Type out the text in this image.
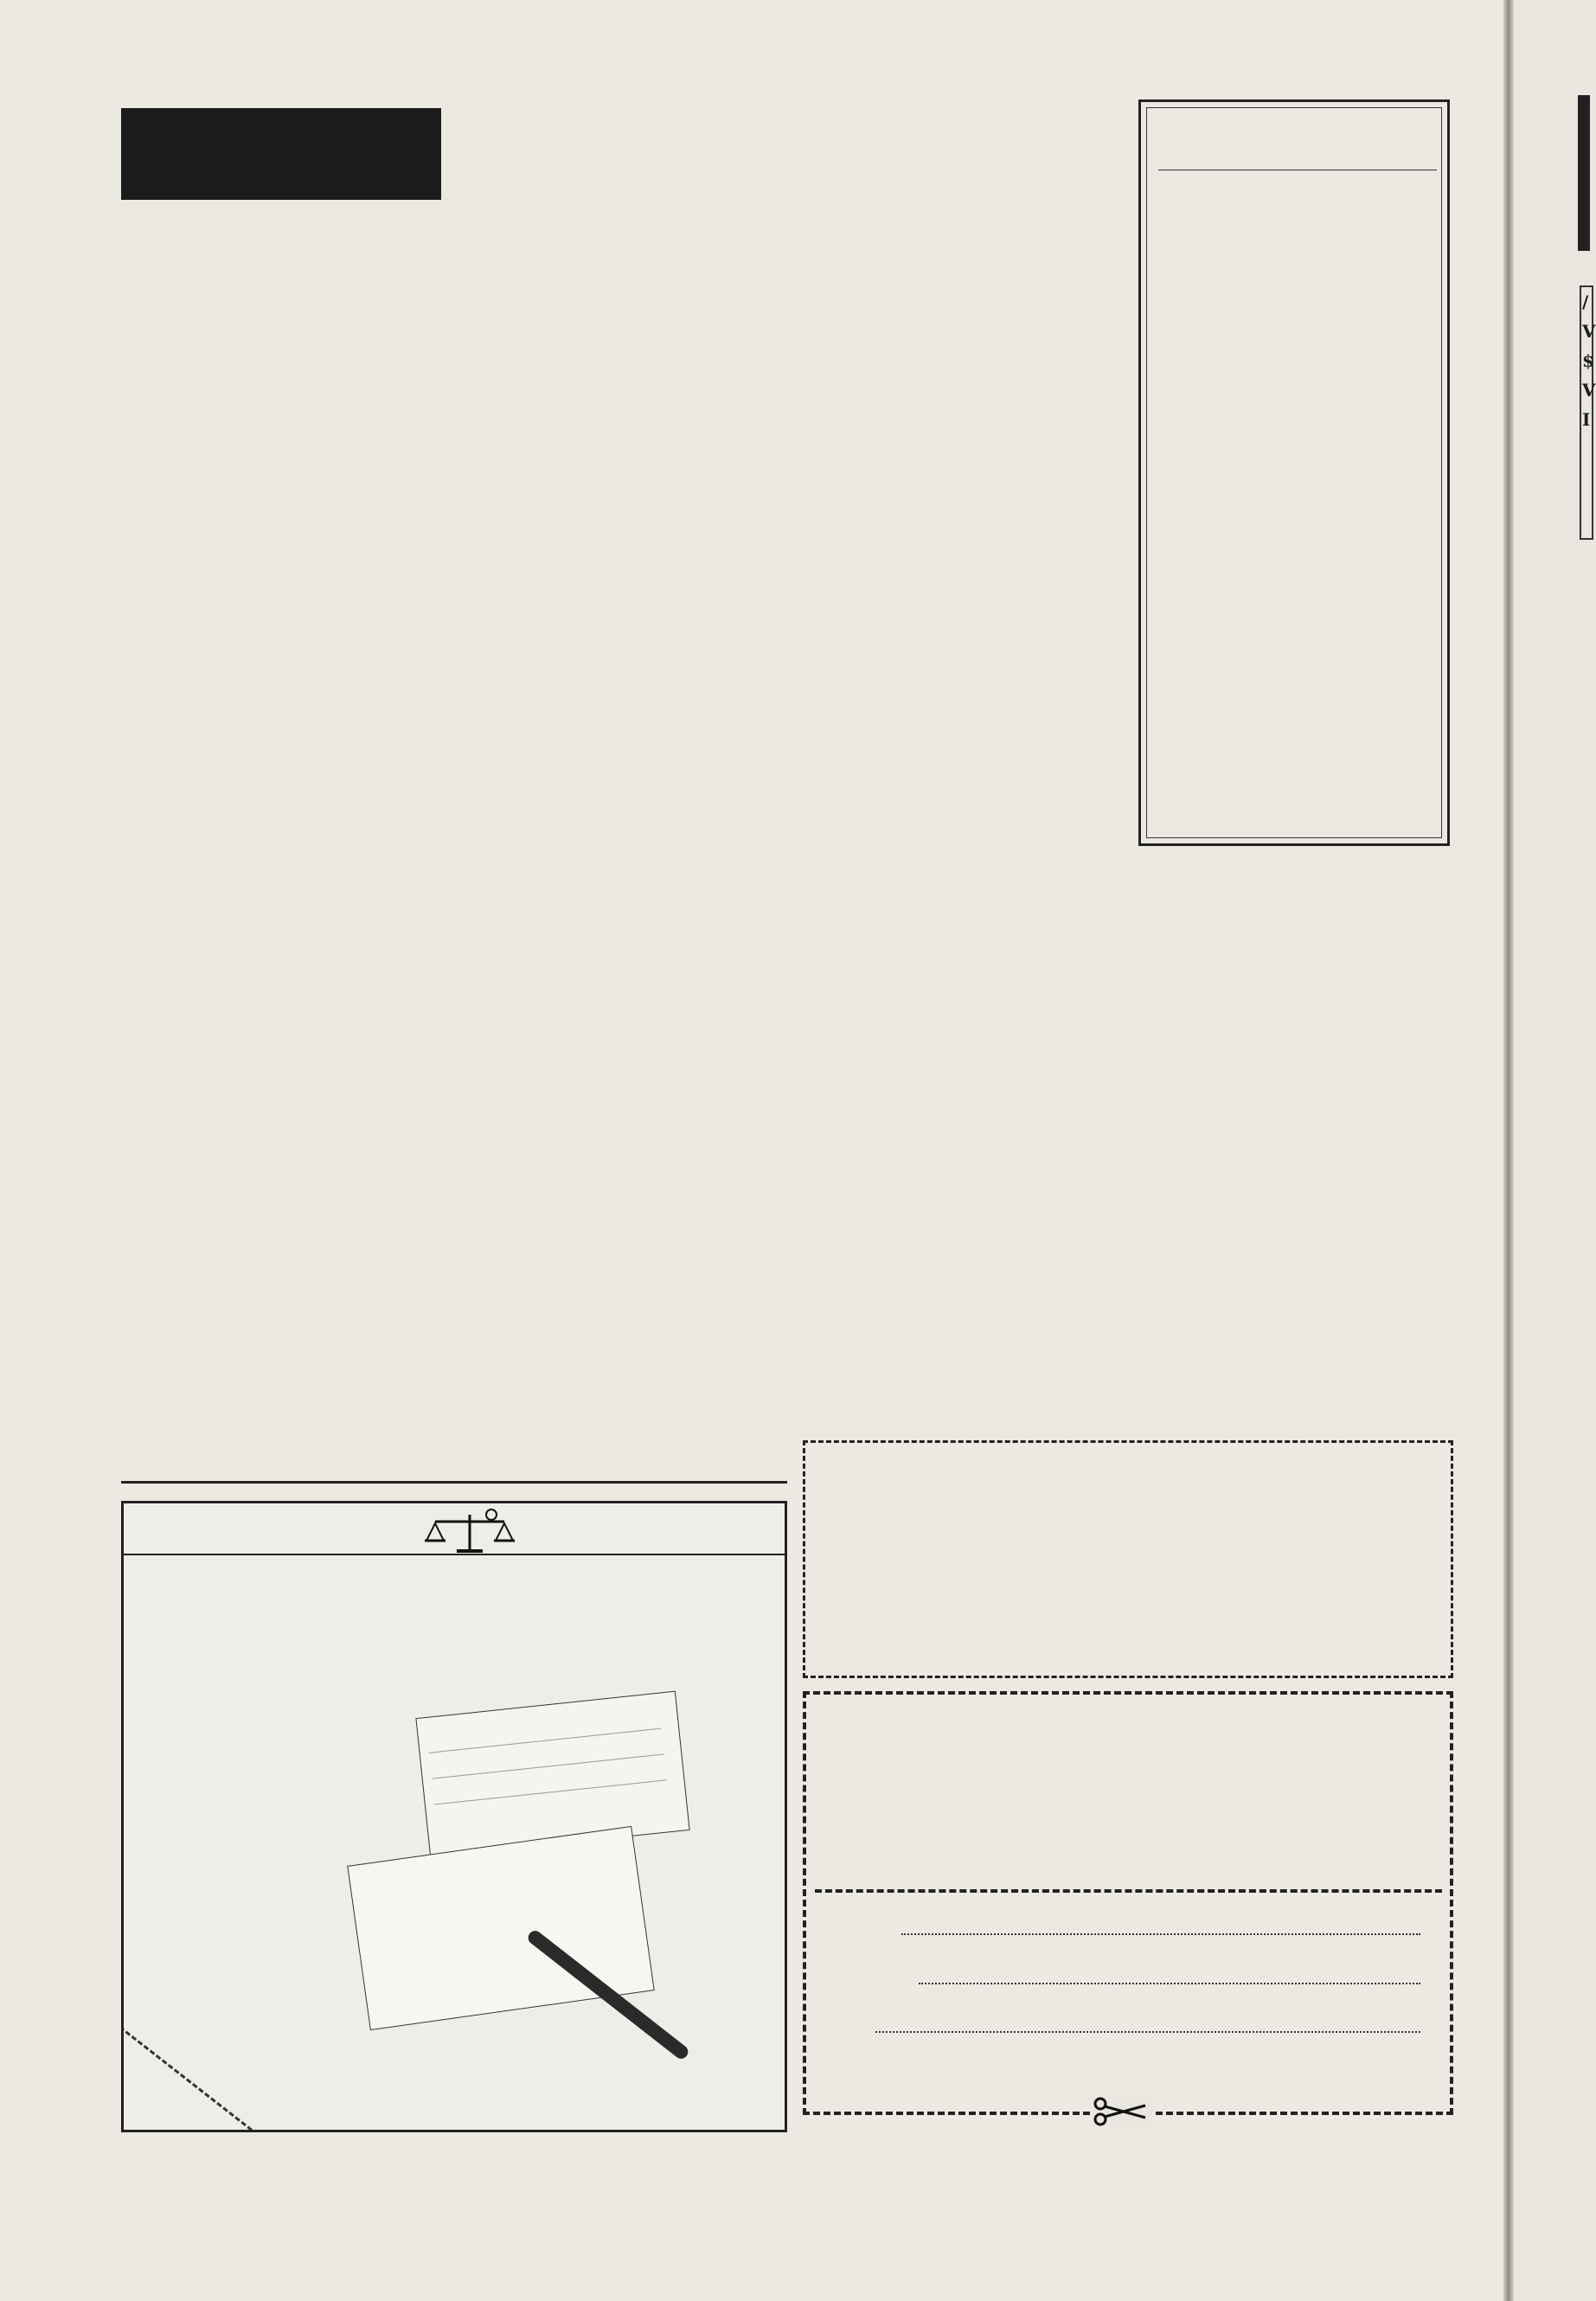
/
V
$
V
I
